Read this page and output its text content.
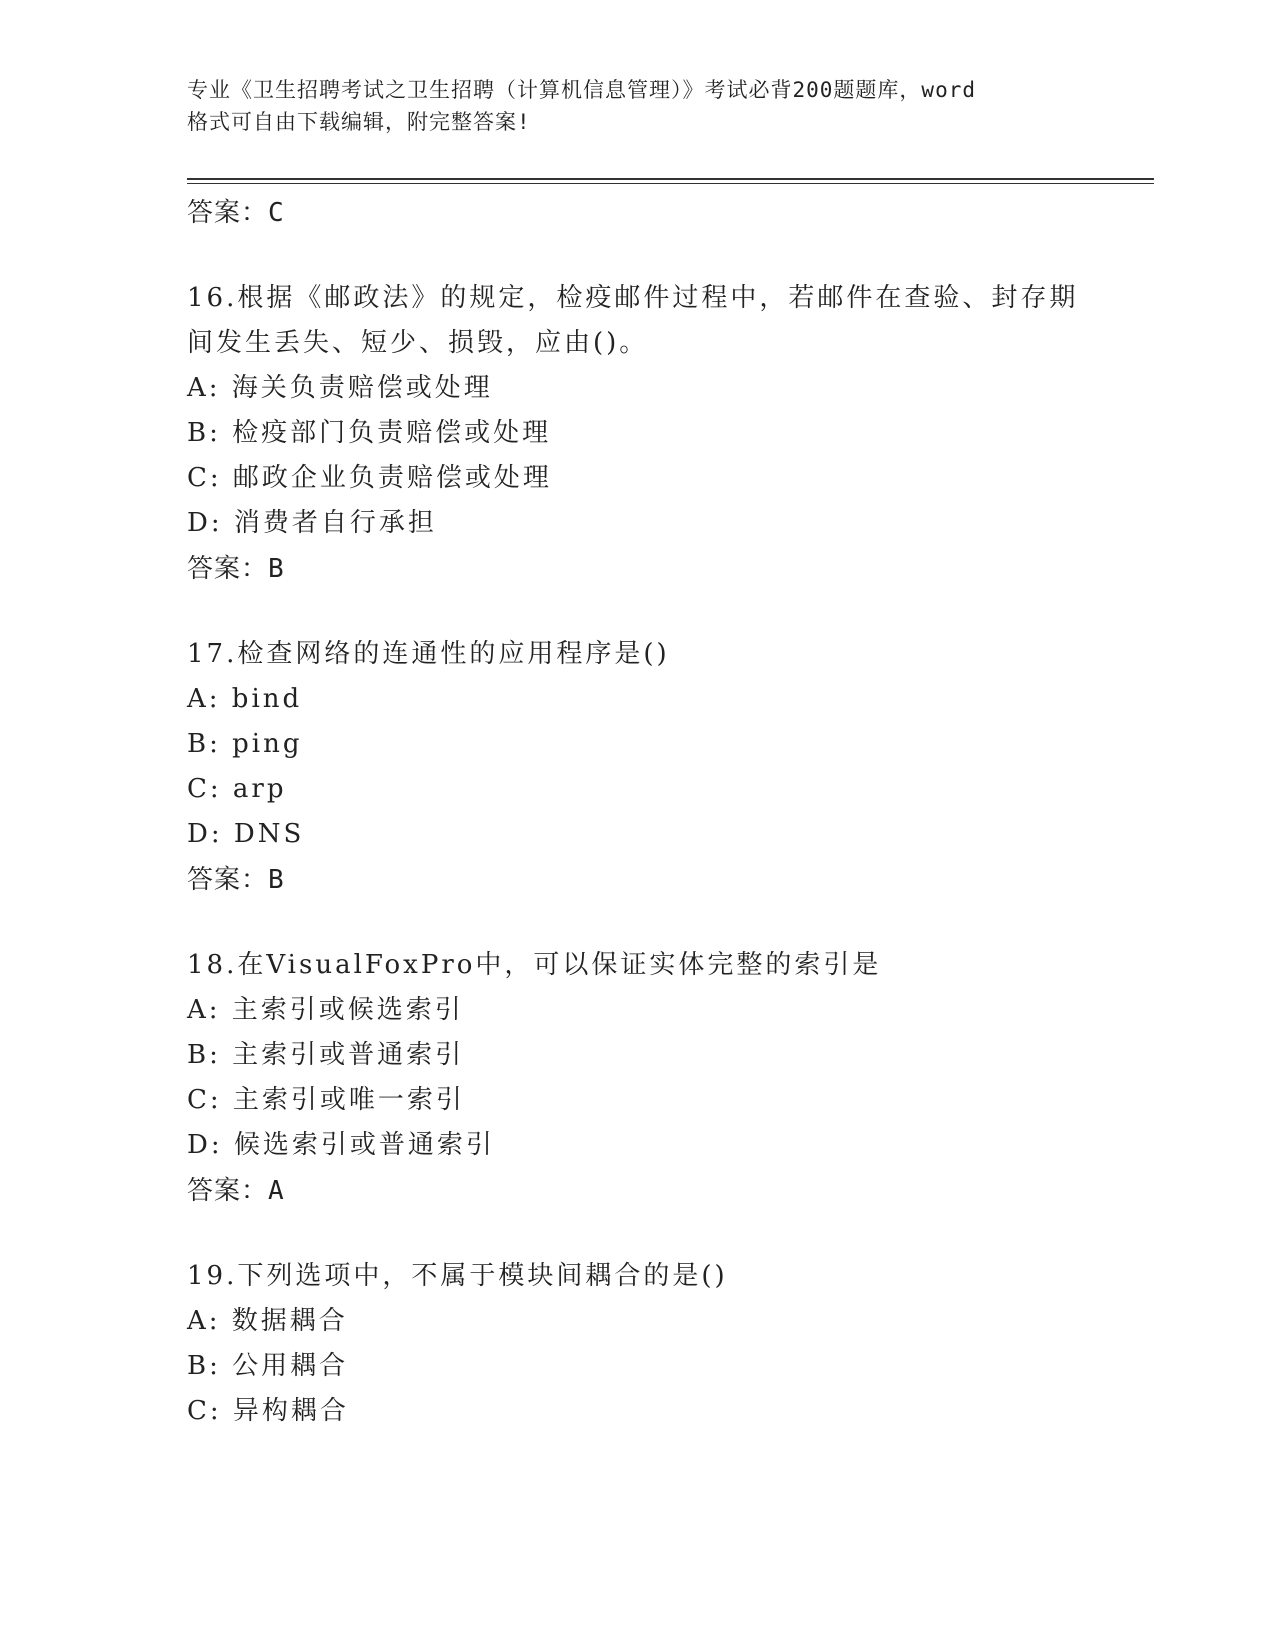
专业《卫生招聘考试之卫生招聘（计算机信息管理）》考试必背200题题库，word
格式可自由下载编辑，附完整答案!

答案：C

16.根据《邮政法》的规定，检疫邮件过程中，若邮件在查验、封存期间发生丢失、短少、损毁，应由()。

A: 海关负责赔偿或处理

B: 检疫部门负责赔偿或处理

C: 邮政企业负责赔偿或处理

D: 消费者自行承担

答案：B

17.检查网络的连通性的应用程序是()

A: bind

B: ping

C: arp

D: DNS

答案：B

18.在VisualFoxPro中，可以保证实体完整的索引是

A: 主索引或候选索引

B: 主索引或普通索引

C: 主索引或唯一索引

D: 候选索引或普通索引

答案：A

19.下列选项中，不属于模块间耦合的是()

A: 数据耦合

B: 公用耦合

C: 异构耦合
